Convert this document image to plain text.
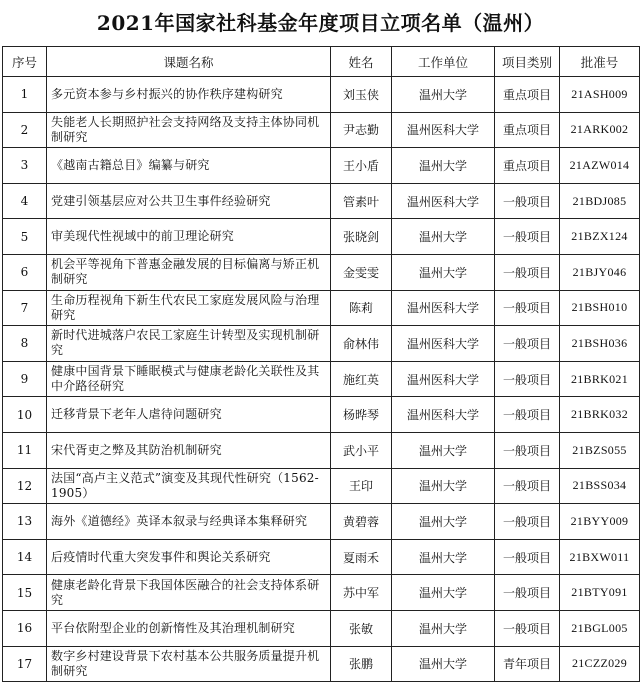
2021年国家社科基金年度项目立项名单（温州）
序号	课题名称	姓名	工作单位	项目类别	批准号
1	多元资本参与乡村振兴的协作秩序建构研究	刘玉侠	温州大学	重点项目	21ASH009
2	失能老人长期照护社会支持网络及支持主体协同机制研究	尹志勤	温州医科大学	重点项目	21ARK002
3	《越南古籍总目》编纂与研究	王小盾	温州大学	重点项目	21AZW014
4	党建引领基层应对公共卫生事件经验研究	管素叶	温州医科大学	一般项目	21BDJ085
5	审美现代性视域中的前卫理论研究	张晓剑	温州大学	一般项目	21BZX124
6	机会平等视角下普惠金融发展的目标偏离与矫正机制研究	金雯雯	温州大学	一般项目	21BJY046
7	生命历程视角下新生代农民工家庭发展风险与治理研究	陈莉	温州医科大学	一般项目	21BSH010
8	新时代进城落户农民工家庭生计转型及实现机制研究	俞林伟	温州医科大学	一般项目	21BSH036
9	健康中国背景下睡眠模式与健康老龄化关联性及其中介路径研究	施红英	温州医科大学	一般项目	21BRK021
10	迁移背景下老年人虐待问题研究	杨晔琴	温州医科大学	一般项目	21BRK032
11	宋代胥吏之弊及其防治机制研究	武小平	温州大学	一般项目	21BZS055
12	法国“高卢主义范式”演变及其现代性研究（1562-1905）	王印	温州大学	一般项目	21BSS034
13	海外《道德经》英译本叙录与经典译本集释研究	黄碧蓉	温州大学	一般项目	21BYY009
14	后疫情时代重大突发事件和舆论关系研究	夏雨禾	温州大学	一般项目	21BXW011
15	健康老龄化背景下我国体医融合的社会支持体系研究	苏中军	温州大学	一般项目	21BTY091
16	平台依附型企业的创新惰性及其治理机制研究	张敏	温州大学	一般项目	21BGL005
17	数字乡村建设背景下农村基本公共服务质量提升机制研究	张鹏	温州大学	青年项目	21CZZ029
